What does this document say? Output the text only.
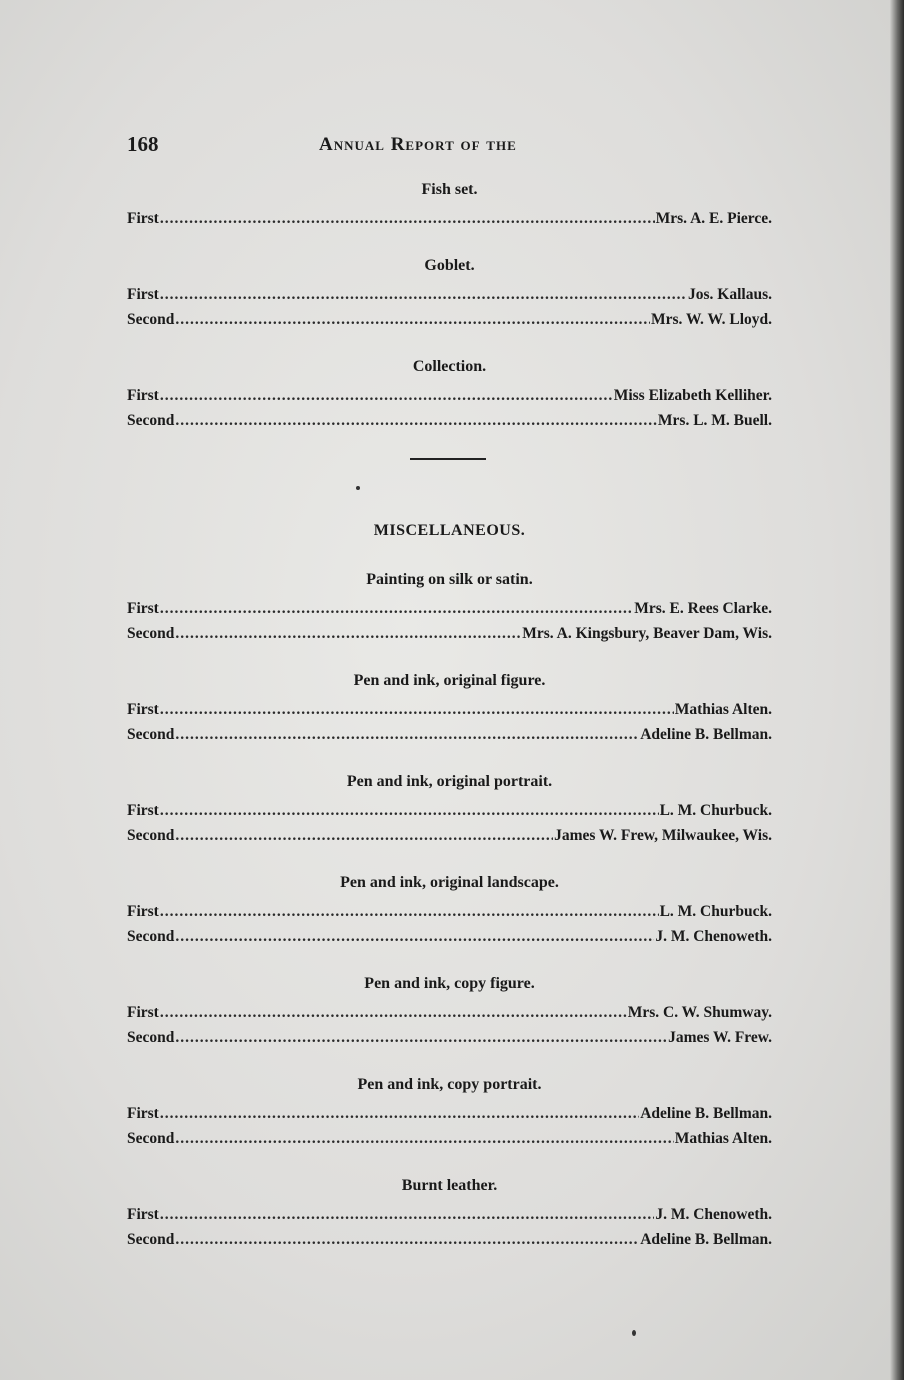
168	Annual Report of the
Fish set.
First .....	Mrs. A. E. Pierce.
Goblet.
First .....	Jos. Kallaus.
Second .....	Mrs. W. W. Lloyd.
Collection.
First .....	Miss Elizabeth Kelliher.
Second .....	Mrs. L. M. Buell.
MISCELLANEOUS.
Painting on silk or satin.
First .....	Mrs. E. Rees Clarke.
Second .....	Mrs. A. Kingsbury, Beaver Dam, Wis.
Pen and ink, original figure.
First .....	Mathias Alten.
Second .....	Adeline B. Bellman.
Pen and ink, original portrait.
First .....	L. M. Churbuck.
Second .....	James W. Frew, Milwaukee, Wis.
Pen and ink, original landscape.
First .....	L. M. Churbuck.
Second .....	J. M. Chenoweth.
Pen and ink, copy figure.
First .....	Mrs. C. W. Shumway.
Second .....	James W. Frew.
Pen and ink, copy portrait.
First .....	Adeline B. Bellman.
Second .....	Mathias Alten.
Burnt leather.
First .....	J. M. Chenoweth.
Second .....	Adeline B. Bellman.
